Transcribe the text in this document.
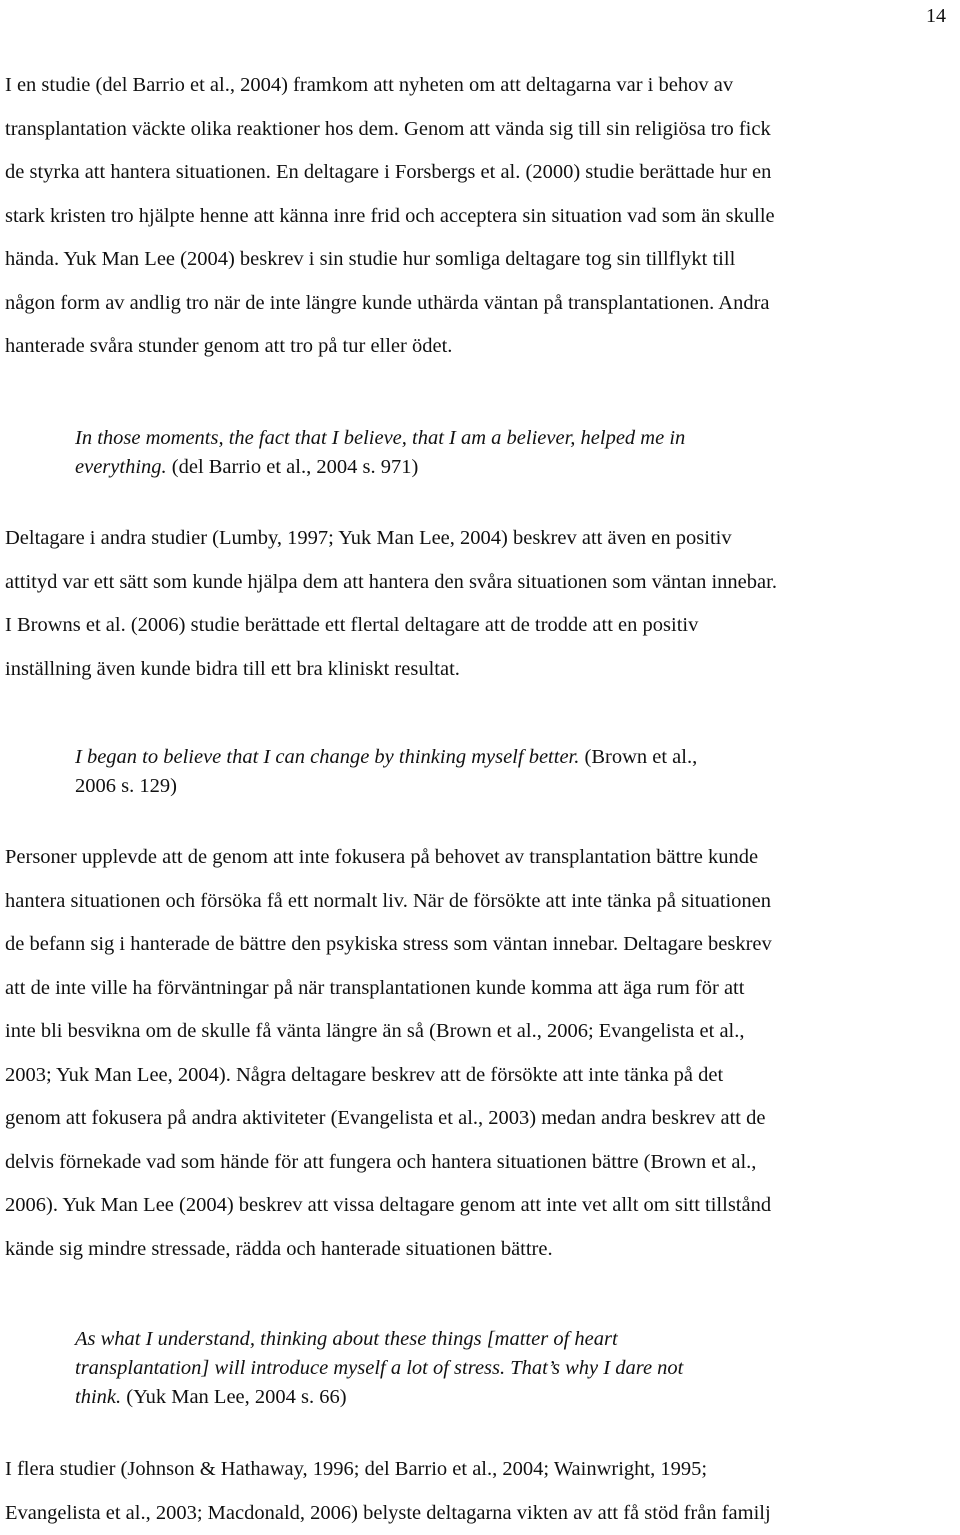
14

I en studie (del Barrio et al., 2004) framkom att nyheten om att deltagarna var i behov av
transplantation väckte olika reaktioner hos dem. Genom att vända sig till sin religiösa tro fick
de styrka att hantera situationen. En deltagare i Forsbergs et al. (2000) studie berättade hur en
stark kristen tro hjälpte henne att känna inre frid och acceptera sin situation vad som än skulle
hända. Yuk Man Lee (2004) beskrev i sin studie hur somliga deltagare tog sin tillflykt till
någon form av andlig tro när de inte längre kunde uthärda väntan på transplantationen. Andra
hanterade svåra stunder genom att tro på tur eller ödet.

In those moments, the fact that I believe, that I am a believer, helped me in
everything. (del Barrio et al., 2004 s. 971)

Deltagare i andra studier (Lumby, 1997; Yuk Man Lee, 2004) beskrev att även en positiv
attityd var ett sätt som kunde hjälpa dem att hantera den svåra situationen som väntan innebar.
I Browns et al. (2006) studie berättade ett flertal deltagare att de trodde att en positiv
inställning även kunde bidra till ett bra kliniskt resultat.

I began to believe that I can change by thinking myself better. (Brown et al.,
2006 s. 129)

Personer upplevde att de genom att inte fokusera på behovet av transplantation bättre kunde
hantera situationen och försöka få ett normalt liv. När de försökte att inte tänka på situationen
de befann sig i hanterade de bättre den psykiska stress som väntan innebar. Deltagare beskrev
att de inte ville ha förväntningar på när transplantationen kunde komma att äga rum för att
inte bli besvikna om de skulle få vänta längre än så (Brown et al., 2006; Evangelista et al.,
2003; Yuk Man Lee, 2004). Några deltagare beskrev att de försökte att inte tänka på det
genom att fokusera på andra aktiviteter (Evangelista et al., 2003) medan andra beskrev att de
delvis förnekade vad som hände för att fungera och hantera situationen bättre (Brown et al.,
2006). Yuk Man Lee (2004) beskrev att vissa deltagare genom att inte vet allt om sitt tillstånd
kände sig mindre stressade, rädda och hanterade situationen bättre.

As what I understand, thinking about these things [matter of heart
transplantation] will introduce myself a lot of stress. That’s why I dare not
think. (Yuk Man Lee, 2004 s. 66)

I flera studier (Johnson & Hathaway, 1996; del Barrio et al., 2004; Wainwright, 1995;
Evangelista et al., 2003; Macdonald, 2006) belyste deltagarna vikten av att få stöd från familj
